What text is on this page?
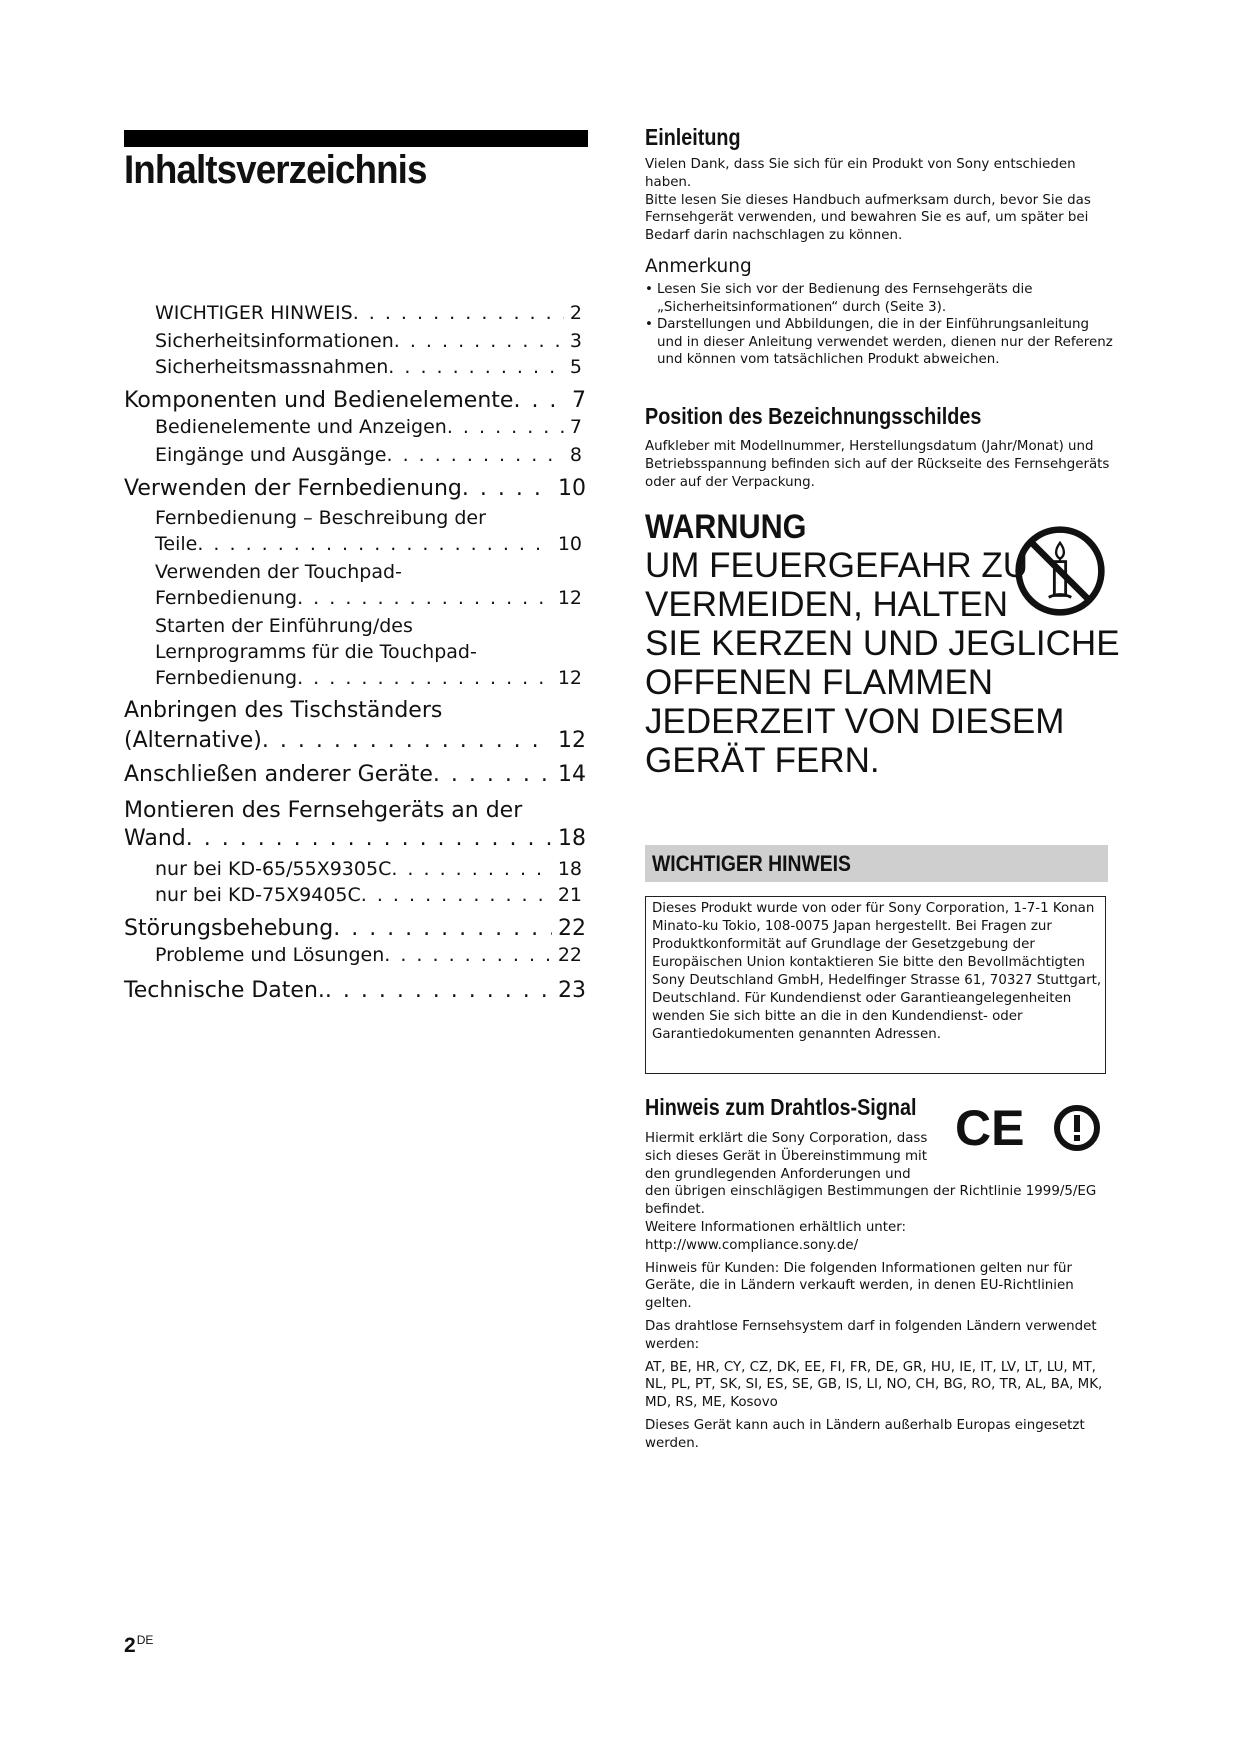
Inhaltsverzeichnis
WICHTIGER HINWEIS . . .	2
Sicherheitsinformationen . . .	3
Sicherheitsmassnahmen . . .	5
Komponenten und Bedienelemente . . .	7
Bedienelemente und Anzeigen . . .	7
Eingänge und Ausgänge . . .	8
Verwenden der Fernbedienung . . .	10
Fernbedienung – Beschreibung der
Teile . . .	10
Verwenden der Touchpad-
Fernbedienung . . .	12
Starten der Einführung/des
Lernprogramms für die Touchpad-
Fernbedienung . . .	12
Anbringen des Tischständers
(Alternative) . . .	12
Anschließen anderer Geräte . . .	14
Montieren des Fernsehgeräts an der
Wand . . .	18
nur bei KD-65/55X9305C . . .	18
nur bei KD-75X9405C . . .	21
Störungsbehebung . . .	22
Probleme und Lösungen . . .	22
Technische Daten. . . .	23
Einleitung

Vielen Dank, dass Sie sich für ein Produkt von Sony entschieden haben.

Bitte lesen Sie dieses Handbuch aufmerksam durch, bevor Sie das Fernsehgerät verwenden, und bewahren Sie es auf, um später bei Bedarf darin nachschlagen zu können.

Anmerkung

• Lesen Sie sich vor der Bedienung des Fernsehgeräts die „Sicherheitsinformationen“ durch (Seite 3).

• Darstellungen und Abbildungen, die in der Einführungsanleitung und in dieser Anleitung verwendet werden, dienen nur der Referenz und können vom tatsächlichen Produkt abweichen.

Position des Bezeichnungsschildes
Aufkleber mit Modellnummer, Herstellungsdatum (Jahr/Monat) und Betriebsspannung befinden sich auf der Rückseite des Fernsehgeräts oder auf der Verpackung.
WARNUNG
UM FEUERGEFAHR ZU
VERMEIDEN, HALTEN
SIE KERZEN UND JEGLICHE
OFFENEN FLAMMEN
JEDERZEIT VON DIESEM
GERÄT FERN.
WICHTIGER HINWEIS
Dieses Produkt wurde von oder für Sony Corporation, 1-7-1 Konan Minato-ku Tokio, 108-0075 Japan hergestellt. Bei Fragen zur Produktkonformität auf Grundlage der Gesetzgebung der Europäischen Union kontaktieren Sie bitte den Bevollmächtigten Sony Deutschland GmbH, Hedelfinger Strasse 61, 70327 Stuttgart, Deutschland. Für Kundendienst oder Garantieangelegenheiten wenden Sie sich bitte an die in den Kundendienst- oder Garantiedokumenten genannten Adressen.
Hinweis zum Drahtlos-Signal

Hiermit erklärt die Sony Corporation, dass

sich dieses Gerät in Übereinstimmung mit

den grundlegenden Anforderungen und

den übrigen einschlägigen Bestimmungen der Richtlinie 1999/5/EG befindet.

Weitere Informationen erhältlich unter:

http://www.compliance.sony.de/

Hinweis für Kunden: Die folgenden Informationen gelten nur für Geräte, die in Ländern verkauft werden, in denen EU-Richtlinien gelten.

Das drahtlose Fernsehsystem darf in folgenden Ländern verwendet werden:

AT, BE, HR, CY, CZ, DK, EE, FI, FR, DE, GR, HU, IE, IT, LV, LT, LU, MT, NL, PL, PT, SK, SI, ES, SE, GB, IS, LI, NO, CH, BG, RO, TR, AL, BA, MK, MD, RS, ME, Kosovo

Dieses Gerät kann auch in Ländern außerhalb Europas eingesetzt werden.

CE
2DE
